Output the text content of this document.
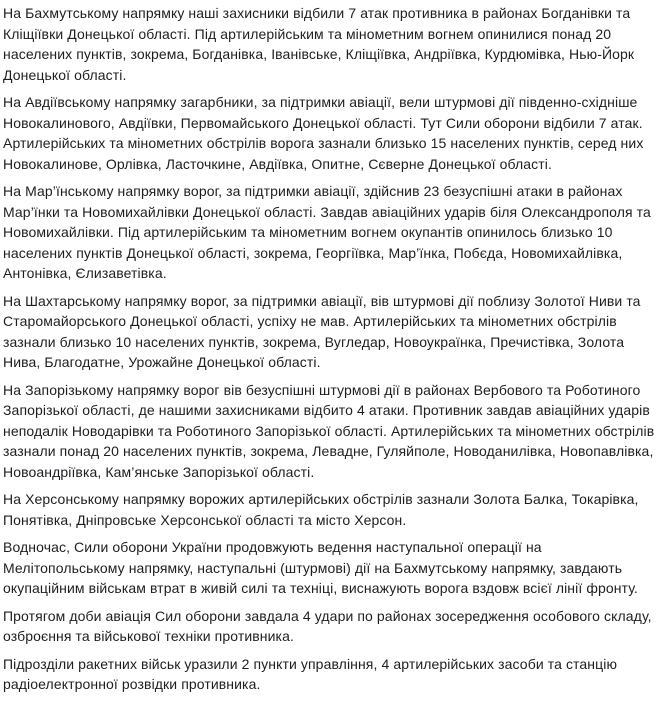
На Бахмутському напрямку наші захисники відбили 7 атак противника в районах Богданівки та Кліщіївки Донецької області. Під артилерійським та мінометним вогнем опинилися понад 20 населених пунктів, зокрема, Богданівка, Іванівське, Кліщіївка, Андріївка, Курдюмівка, Нью-Йорк Донецької області.

На Авдіївському напрямку загарбники, за підтримки авіації, вели штурмові дії південно-східніше Новокалинового, Авдіївки, Первомайського Донецької області. Тут Сили оборони відбили 7 атак. Артилерійських та мінометних обстрілів ворога зазнали близько 15 населених пунктів, серед них Новокалинове, Орлівка, Ласточкине, Авдіївка, Опитне, Сєверне Донецької області.

На Мар’їнському напрямку ворог, за підтримки авіації, здійснив 23 безуспішні атаки в районах Мар’їнки та Новомихайлівки Донецької області. Завдав авіаційних ударів біля Олександрополя та Новомихайлівки. Під артилерійським та мінометним вогнем окупантів опинилось близько 10 населених пунктів Донецької області, зокрема, Георгіївка, Мар’їнка, Побєда, Новомихайлівка, Антонівка, Єлизаветівка.

На Шахтарському напрямку ворог, за підтримки авіації, вів штурмові дії поблизу Золотої Ниви та Старомайорського Донецької області, успіху не мав. Артилерійських та мінометних обстрілів зазнали близько 10 населених пунктів, зокрема, Вугледар, Новоукраїнка, Пречистівка, Золота Нива, Благодатне, Урожайне Донецької області.

На Запорізькому напрямку ворог вів безуспішні штурмові дії в районах Вербового та Роботиного Запорізької області, де нашими захисниками відбито 4 атаки. Противник завдав авіаційних ударів неподалік Новодарівки та Роботиного Запорізької області. Артилерійських та мінометних обстрілів зазнали понад 20 населених пунктів, зокрема, Левадне, Гуляйполе, Новоданилівка, Новопавлівка, Новоандріївка, Кам’янське Запорізької області.

На Херсонському напрямку ворожих артилерійських обстрілів зазнали Золота Балка, Токарівка, Понятівка, Дніпровське Херсонської області та місто Херсон.

Водночас, Сили оборони України продовжують ведення наступальної операції на Мелітопольському напрямку, наступальні (штурмові) дії на Бахмутському напрямку, завдають окупаційним військам втрат в живій силі та техніці, виснажують ворога вздовж всієї лінії фронту.

Протягом доби авіація Сил оборони завдала 4 удари по районах зосередження особового складу, озброєння та військової техніки противника.

Підрозділи ракетних військ уразили 2 пункти управління, 4 артилерійських засоби та станцію радіоелектронної розвідки противника.
